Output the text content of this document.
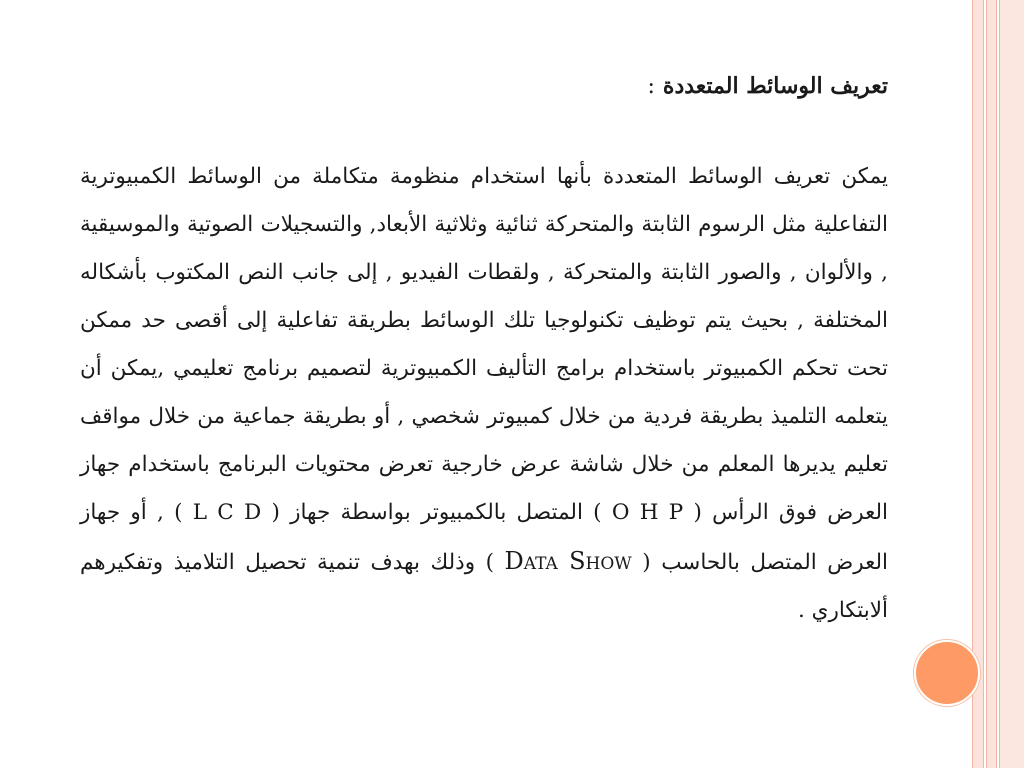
تعريف الوسائط المتعددة:

يمكن تعريف الوسائط المتعددة بأنها استخدام منظومة متكاملة من الوسائط الكمبيوترية التفاعلية مثل الرسوم الثابتة والمتحركة ثنائية وثلاثية الأبعاد, والتسجيلات الصوتية والموسيقية , والألوان , والصور الثابتة والمتحركة , ولقطات الفيديو , إلى جانب النص المكتوب بأشكاله المختلفة , بحيث يتم توظيف تكنولوجيا تلك الوسائط بطريقة تفاعلية إلى أقصى حد ممكن تحت تحكم الكمبيوتر باستخدام برامج التأليف الكمبيوترية لتصميم برنامج تعليمي ,يمكن أن يتعلمه التلميذ بطريقة فردية من خلال كمبيوتر شخصي , أو بطريقة جماعية من خلال مواقف تعليم يديرها المعلم من خلال شاشة عرض خارجية تعرض محتويات البرنامج باستخدام جهاز العرض فوق الرأس ( O H P ) المتصل بالكمبيوتر بواسطة جهاز ( L C D ) , أو جهاز العرض المتصل بالحاسب ( Data Show ) وذلك بهدف تنمية تحصيل التلاميذ وتفكيرهم ألابتكاري .
